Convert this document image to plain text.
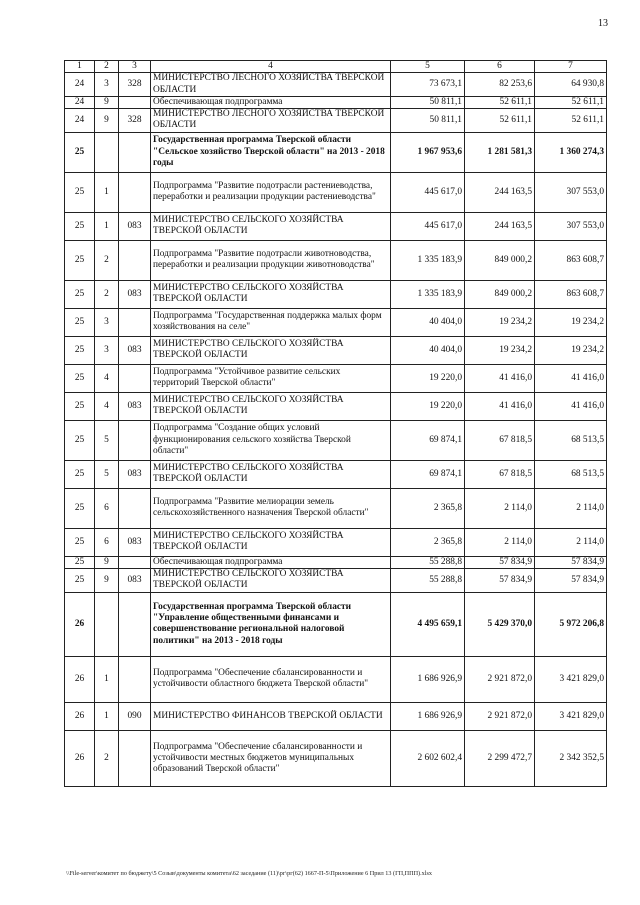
13
1	2	3	4	5	6	7
24	3	328	МИНИСТЕРСТВО ЛЕСНОГО ХОЗЯЙСТВА ТВЕРСКОЙ ОБЛАСТИ	73 673,1	82 253,6	64 930,8
24	9		Обеспечивающая подпрограмма	50 811,1	52 611,1	52 611,1
24	9	328	МИНИСТЕРСТВО ЛЕСНОГО ХОЗЯЙСТВА ТВЕРСКОЙ ОБЛАСТИ	50 811,1	52 611,1	52 611,1
25			Государственная программа Тверской области "Сельское хозяйство Тверской области" на 2013 - 2018 годы	1 967 953,6	1 281 581,3	1 360 274,3
25	1		Подпрограмма "Развитие подотрасли растениеводства, переработки и реализации продукции растениеводства"	445 617,0	244 163,5	307 553,0
25	1	083	МИНИСТЕРСТВО СЕЛЬСКОГО ХОЗЯЙСТВА ТВЕРСКОЙ ОБЛАСТИ	445 617,0	244 163,5	307 553,0
25	2		Подпрограмма "Развитие подотрасли животноводства, переработки и реализации продукции животноводства"	1 335 183,9	849 000,2	863 608,7
25	2	083	МИНИСТЕРСТВО СЕЛЬСКОГО ХОЗЯЙСТВА ТВЕРСКОЙ ОБЛАСТИ	1 335 183,9	849 000,2	863 608,7
25	3		Подпрограмма "Государственная поддержка малых форм хозяйствования на селе"	40 404,0	19 234,2	19 234,2
25	3	083	МИНИСТЕРСТВО СЕЛЬСКОГО ХОЗЯЙСТВА ТВЕРСКОЙ ОБЛАСТИ	40 404,0	19 234,2	19 234,2
25	4		Подпрограмма "Устойчивое развитие сельских территорий Тверской области"	19 220,0	41 416,0	41 416,0
25	4	083	МИНИСТЕРСТВО СЕЛЬСКОГО ХОЗЯЙСТВА ТВЕРСКОЙ ОБЛАСТИ	19 220,0	41 416,0	41 416,0
25	5		Подпрограмма "Создание общих условий функционирования сельского хозяйства Тверской области"	69 874,1	67 818,5	68 513,5
25	5	083	МИНИСТЕРСТВО СЕЛЬСКОГО ХОЗЯЙСТВА ТВЕРСКОЙ ОБЛАСТИ	69 874,1	67 818,5	68 513,5
25	6		Подпрограмма "Развитие мелиорации земель сельскохозяйственного назначения Тверской области"	2 365,8	2 114,0	2 114,0
25	6	083	МИНИСТЕРСТВО СЕЛЬСКОГО ХОЗЯЙСТВА ТВЕРСКОЙ ОБЛАСТИ	2 365,8	2 114,0	2 114,0
25	9		Обеспечивающая подпрограмма	55 288,8	57 834,9	57 834,9
25	9	083	МИНИСТЕРСТВО СЕЛЬСКОГО ХОЗЯЙСТВА ТВЕРСКОЙ ОБЛАСТИ	55 288,8	57 834,9	57 834,9
26			Государственная программа Тверской области "Управление общественными финансами и совершенствование региональной налоговой политики" на 2013 - 2018 годы	4 495 659,1	5 429 370,0	5 972 206,8
26	1		Подпрограмма "Обеспечение сбалансированности и устойчивости областного бюджета Тверской области"	1 686 926,9	2 921 872,0	3 421 829,0
26	1	090	МИНИСТЕРСТВО ФИНАНСОВ ТВЕРСКОЙ ОБЛАСТИ	1 686 926,9	2 921 872,0	3 421 829,0
26	2		Подпрограмма "Обеспечение сбалансированности и устойчивости местных бюджетов муниципальных образований Тверской области"	2 602 602,4	2 299 472,7	2 342 352,5
\\File-server\комитет по бюджету\5 Созыв\документы комитета\62 заседание (11)\рг\рг(62) 1667-П-5\Приложение 6 Прил 13 (ГП,ППП).xlsx
